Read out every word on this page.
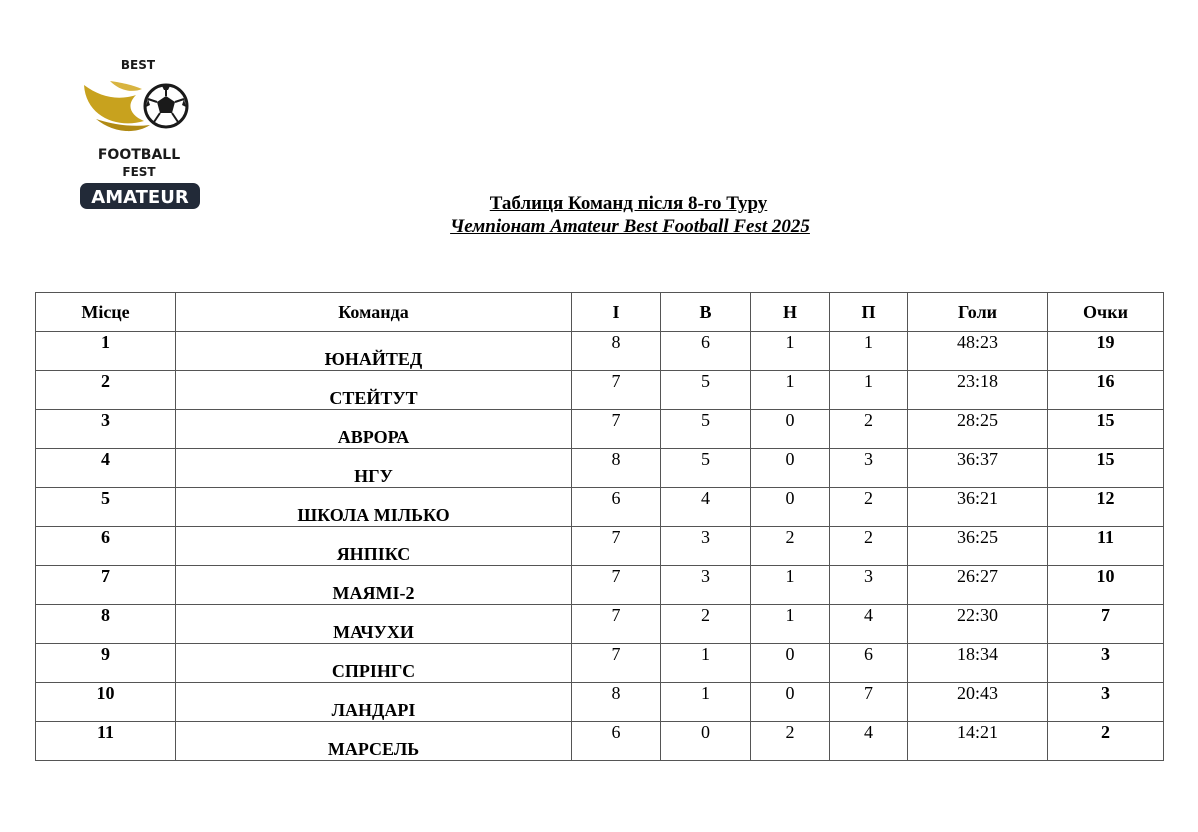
BEST
FOOTBALL
FEST
AMATEUR	Таблиця Команд після 8-го Туру
Чемпіонат Amateur Best Football Fest 2025
Місце	Команда	І	В	Н	П	Голи	Очки
1	ЮНАЙТЕД	8	6	1	1	48:23	19
2	СТЕЙТУТ	7	5	1	1	23:18	16
3	АВРОРА	7	5	0	2	28:25	15
4	НГУ	8	5	0	3	36:37	15
5	ШКОЛА МІЛЬКО	6	4	0	2	36:21	12
6	ЯНПІКС	7	3	2	2	36:25	11
7	МАЯМІ-2	7	3	1	3	26:27	10
8	МАЧУХИ	7	2	1	4	22:30	7
9	СПРІНГС	7	1	0	6	18:34	3
10	ЛАНДАРІ	8	1	0	7	20:43	3
11	МАРСЕЛЬ	6	0	2	4	14:21	2
